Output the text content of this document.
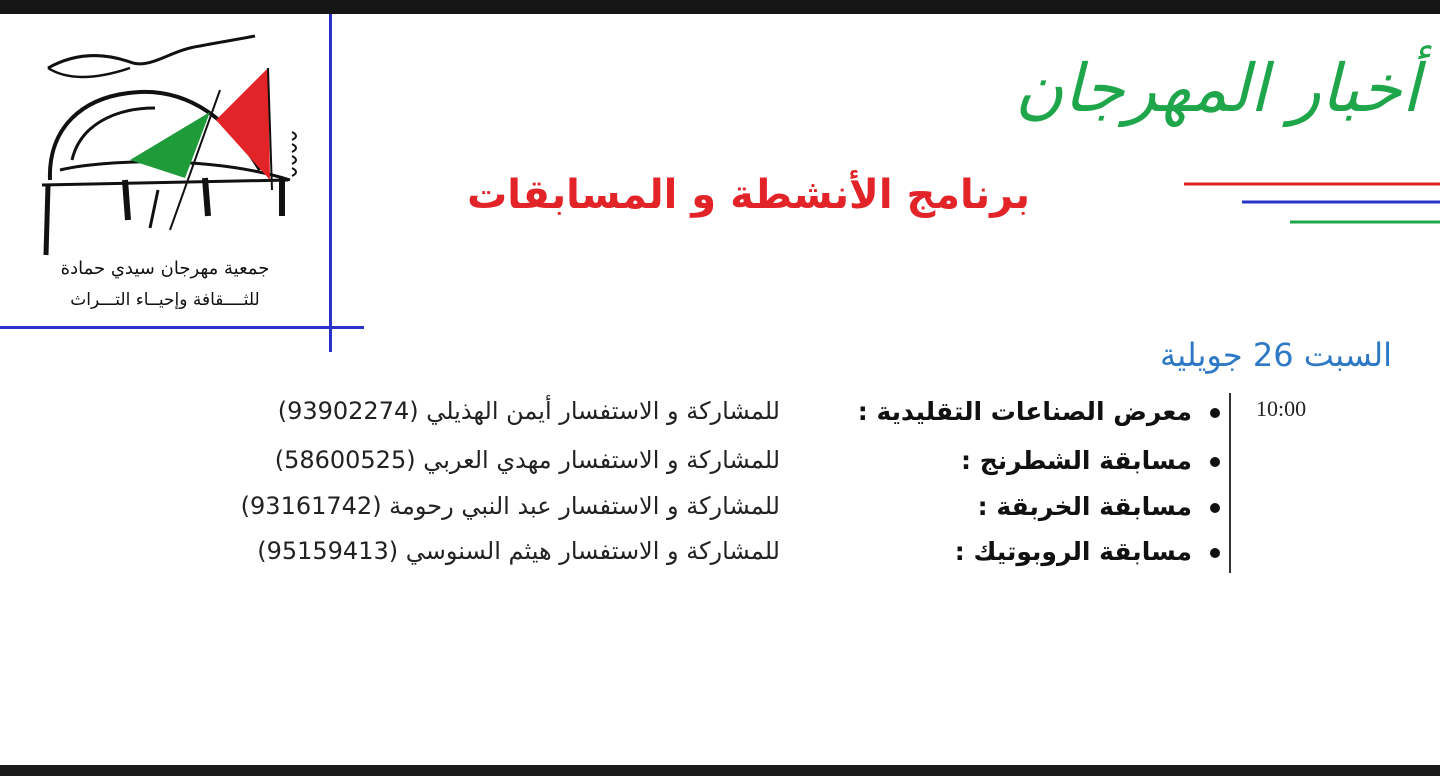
جمعية مهرجان سيدي حمادة
للثــــقافة وإحيــاء التـــراث
أخبار المهرجان
برنامج الأنشطة و المسابقات
السبت 26 جويلية
10:00
معرض الصناعات التقليدية :
للمشاركة و الاستفسار أيمن الهذيلي (93902274)
مسابقة الشطرنج :
للمشاركة و الاستفسار مهدي العربي (58600525)
مسابقة الخربقة :
للمشاركة و الاستفسار عبد النبي رحومة (93161742)
مسابقة الروبوتيك :
للمشاركة و الاستفسار هيثم السنوسي (95159413)
